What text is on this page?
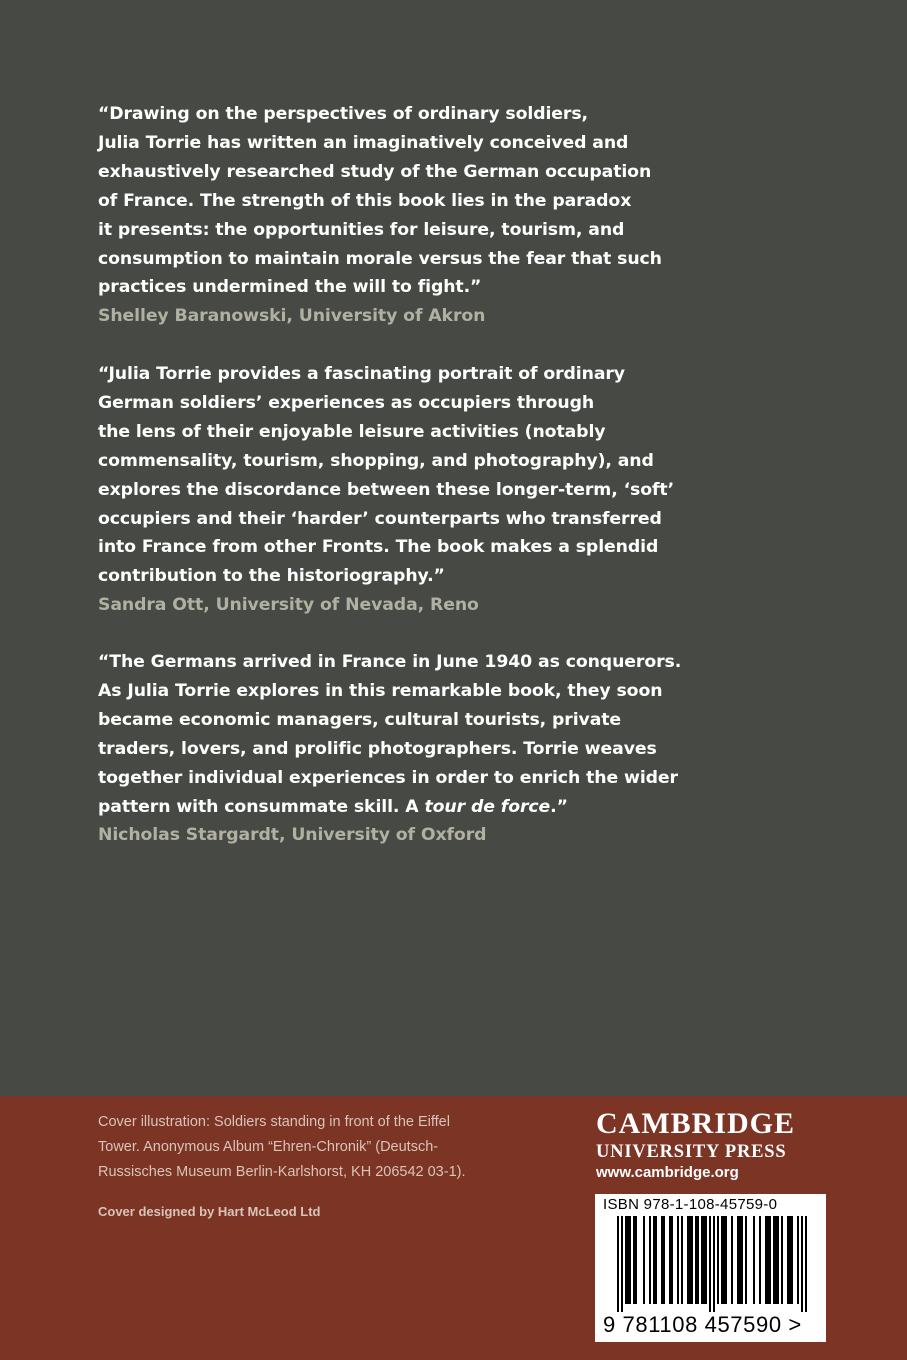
“Drawing on the perspectives of ordinary soldiers,
Julia Torrie has written an imaginatively conceived and
exhaustively researched study of the German occupation
of France. The strength of this book lies in the paradox
it presents: the opportunities for leisure, tourism, and
consumption to maintain morale versus the fear that such
practices undermined the will to fight.”

Shelley Baranowski, University of Akron

“Julia Torrie provides a fascinating portrait of ordinary
German soldiers’ experiences as occupiers through
the lens of their enjoyable leisure activities (notably
commensality, tourism, shopping, and photography), and
explores the discordance between these longer-term, ‘soft’
occupiers and their ‘harder’ counterparts who transferred
into France from other Fronts. The book makes a splendid
contribution to the historiography.”

Sandra Ott, University of Nevada, Reno

“The Germans arrived in France in June 1940 as conquerors.
As Julia Torrie explores in this remarkable book, they soon
became economic managers, cultural tourists, private
traders, lovers, and prolific photographers. Torrie weaves
together individual experiences in order to enrich the wider
pattern with consummate skill. A tour de force.”

Nicholas Stargardt, University of Oxford

Cover illustration: Soldiers standing in front of the Eiffel
Tower. Anonymous Album “Ehren-Chronik” (Deutsch-
Russisches Museum Berlin-Karlshorst, KH 206542 03-1).
Cover designed by Hart McLeod Ltd
CAMBRIDGE
UNIVERSITY PRESS
www.cambridge.org
ISBN 978-1-108-45759-0
9 781108 457590 >
